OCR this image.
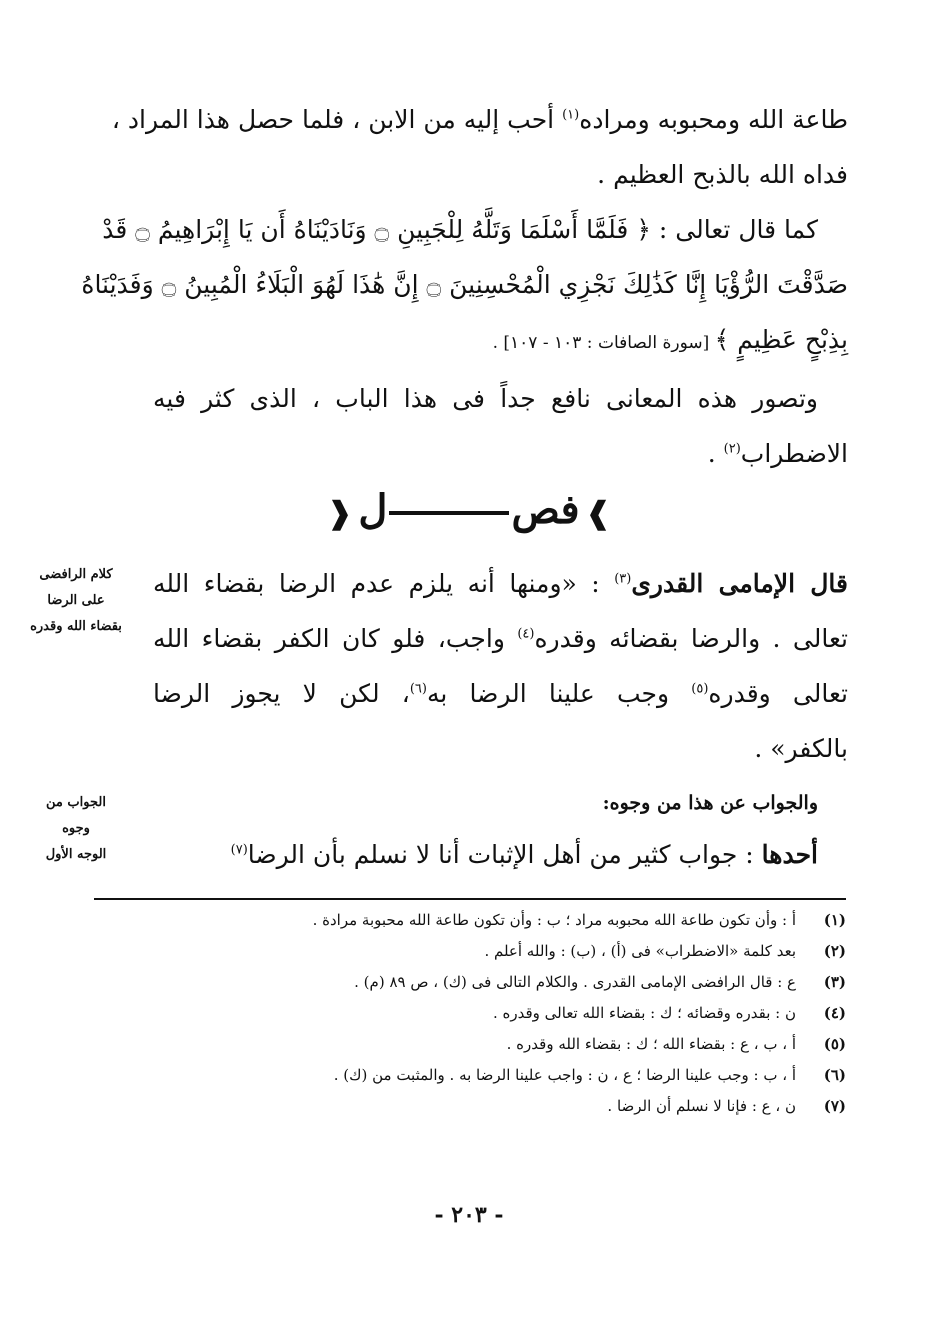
طاعة الله ومحبوبه ومراده$^{(١)}$ أحب إليه من الابن ، فلما حصل هذا المراد ،
فداه الله بالذبح العظيم .
كما قال تعالى : ﴿ فَلَمَّا أَسْلَمَا وَتَلَّهُ لِلْجَبِينِ ۝ وَنَادَيْنَاهُ أَن يَا إِبْرَاهِيمُ ۝ قَدْ
صَدَّقْتَ الرُّؤْيَا إِنَّا كَذَٰلِكَ نَجْزِي الْمُحْسِنِينَ ۝ إِنَّ هَٰذَا لَهُوَ الْبَلَاءُ الْمُبِينُ ۝ وَفَدَيْنَاهُ
بِذِبْحٍ عَظِيمٍ ﴾ [سورة الصافات : ١٠٣ - ١٠٧] .
وتصور هذه المعانى نافع جداً فى هذا الباب ، الذى كثر فيه
الاضطراب$^{(٢)}$ .
❱فصل❰
قال الإمامى القدرى$^{(٣)}$ : «ومنها أنه يلزم عدم الرضا بقضاء الله
تعالى . والرضا بقضائه وقدره$^{(٤)}$ واجب، فلو كان الكفر بقضاء الله
تعالى وقدره$^{(٥)}$ وجب علينا الرضا به$^{(٦)}$، لكن لا يجوز الرضا
بالكفر» .
والجواب عن هذا من وجوه:
أحدها : جواب كثير من أهل الإثبات أنا لا نسلم بأن الرضا$^{(٧)}$
كلام الرافضى
على الرضا
بقضاء الله وقدره
الجواب من
وجوه
الوجه الأول
(١)
أ : وأن تكون طاعة الله محبوبه مراد ؛ ب : وأن تكون طاعة الله محبوبة مرادة .
(٢)
بعد كلمة «الاضطراب» فى (أ) ، (ب) : والله أعلم .
(٣)
ع : قال الرافضى الإمامى القدرى . والكلام التالى فى (ك) ، ص ٨٩ (م) .
(٤)
ن : بقدره وقضائه ؛ ك : بقضاء الله تعالى وقدره .
(٥)
أ ، ب ، ع : بقضاء الله ؛ ك : بقضاء الله وقدره .
(٦)
أ ، ب : وجب علينا الرضا ؛ ع ، ن : واجب علينا الرضا به . والمثبت من (ك) .
(٧)
ن ، ع : فإنا لا نسلم أن الرضا .
- ٢٠٣ -
